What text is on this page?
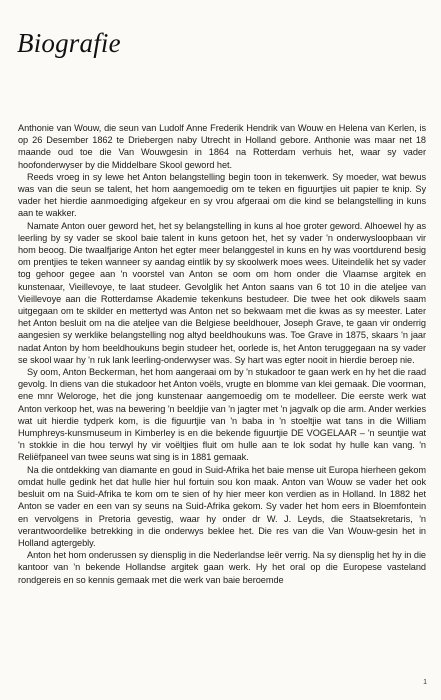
Biografie

Anthonie van Wouw, die seun van Ludolf Anne Frederik Hendrik van Wouw en Helena van Kerlen, is op 26 Desember 1862 te Driebergen naby Utrecht in Holland gebore. Anthonie was maar net 18 maande oud toe die Van Wouwgesin in 1864 na Rotterdam verhuis het, waar sy vader hoofonderwyser by die Middelbare Skool geword het.

Reeds vroeg in sy lewe het Anton belangstelling begin toon in tekenwerk. Sy moeder, wat bewus was van die seun se talent, het hom aangemoedig om te teken en figuurtjies uit papier te knip. Sy vader het hierdie aanmoediging afgekeur en sy vrou afgeraai om die kind se belangstelling in kuns aan te wakker.

Namate Anton ouer geword het, het sy belangstelling in kuns al hoe groter geword. Alhoewel hy as leerling by sy vader se skool baie talent in kuns getoon het, het sy vader 'n onderwysloopbaan vir hom beoog. Die twaalfjarige Anton het egter meer belanggestel in kuns en hy was voortdurend besig om prentjies te teken wanneer sy aandag eintlik by sy skoolwerk moes wees. Uiteindelik het sy vader tog gehoor gegee aan 'n voorstel van Anton se oom om hom onder die Vlaamse argitek en kunstenaar, Vieillevoye, te laat studeer. Gevolglik het Anton saans van 6 tot 10 in die ateljee van Vieillevoye aan die Rotterdamse Akademie tekenkuns bestudeer. Die twee het ook dikwels saam uitgegaan om te skilder en mettertyd was Anton net so bekwaam met die kwas as sy meester. Later het Anton besluit om na die ateljee van die Belgiese beeldhouer, Joseph Grave, te gaan vir onderrig aangesien sy werklike belangstelling nog altyd beeldhoukuns was. Toe Grave in 1875, skaars 'n jaar nadat Anton by hom beeldhoukuns begin studeer het, oorlede is, het Anton teruggegaan na sy vader se skool waar hy 'n ruk lank leerling-onderwyser was. Sy hart was egter nooit in hierdie beroep nie.

Sy oom, Anton Beckerman, het hom aangeraai om by 'n stukadoor te gaan werk en hy het die raad gevolg. In diens van die stukadoor het Anton voëls, vrugte en blomme van klei gemaak. Die voorman, ene mnr Weloroge, het die jong kunstenaar aangemoedig om te modelleer. Die eerste werk wat Anton verkoop het, was na bewering 'n beeldjie van 'n jagter met 'n jagvalk op die arm. Ander werkies wat uit hierdie tydperk kom, is die figuurtjie van 'n baba in 'n stoeltjie wat tans in die William Humphreys-kunsmuseum in Kimberley is en die bekende figuurtjie DE VOGELAAR – 'n seuntjie wat 'n stokkie in die hou terwyl hy vir voëltjies fluit om hulle aan te lok sodat hy hulle kan vang. 'n Reliëfpaneel van twee seuns wat sing is in 1881 gemaak.

Na die ontdekking van diamante en goud in Suid-Afrika het baie mense uit Europa hierheen gekom omdat hulle gedink het dat hulle hier hul fortuin sou kon maak. Anton van Wouw se vader het ook besluit om na Suid-Afrika te kom om te sien of hy hier meer kon verdien as in Holland. In 1882 het Anton se vader en een van sy seuns na Suid-Afrika gekom. Sy vader het hom eers in Bloemfontein en vervolgens in Pretoria gevestig, waar hy onder dr W. J. Leyds, die Staatsekretaris, 'n verantwoordelike betrekking in die onderwys beklee het. Die res van die Van Wouw-gesin het in Holland agtergebly.

Anton het hom onderussen sy diensplig in die Nederlandse leër verrig. Na sy diensplig het hy in die kantoor van 'n bekende Hollandse argitek gaan werk. Hy het oral op die Europese vasteland rondgereis en so kennis gemaak met die werk van baie beroemde

1
